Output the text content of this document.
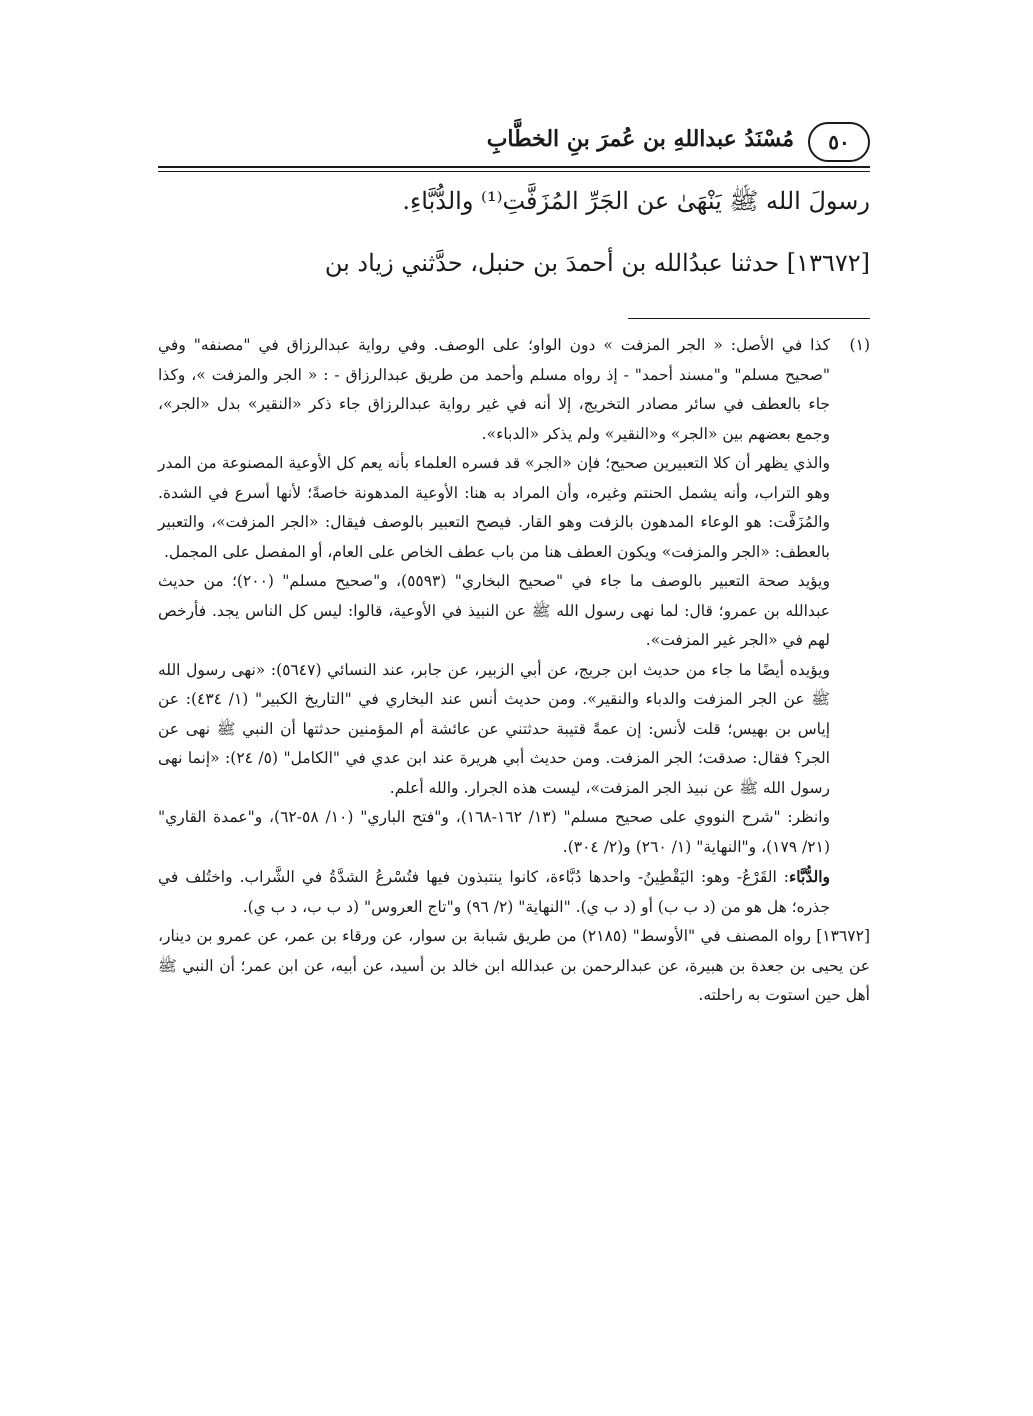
٥٠
مُسْنَدُ عبداللهِ بن عُمرَ بنِ الخطَّابِ

رسولَ الله ﷺ يَنْهَىٰ عن الجَرِّ المُزَفَّتِ⁽¹⁾ والدُّبَّاءِ.

[١٣٦٧٢] حدثنا عبدُالله بن أحمدَ بن حنبل، حدَّثني زياد بن

(١)

كذا في الأصل: « الجر المزفت » دون الواو؛ على الوصف. وفي رواية عبدالرزاق في "مصنفه" وفي "صحيح مسلم" و"مسند أحمد" - إذ رواه مسلم وأحمد من طريق عبدالرزاق - : « الجر والمزفت »، وكذا جاء بالعطف في سائر مصادر التخريج، إلا أنه في غير رواية عبدالرزاق جاء ذكر «النقير» بدل «الجر»، وجمع بعضهم بين «الجر» و«النقير» ولم يذكر «الدباء».

والذي يظهر أن كلا التعبيرين صحيح؛ فإن «الجر» قد فسره العلماء بأنه يعم كل الأوعية المصنوعة من المدر وهو التراب، وأنه يشمل الحنتم وغيره، وأن المراد به هنا: الأوعية المدهونة خاصةً؛ لأنها أسرع في الشدة. والمُزَفَّت: هو الوعاء المدهون بالزفت وهو القار. فيصح التعبير بالوصف فيقال: «الجر المزفت»، والتعبير بالعطف: «الجر والمزفت» ويكون العطف هنا من باب عطف الخاص على العام، أو المفصل على المجمل.

ويؤيد صحة التعبير بالوصف ما جاء في "صحيح البخاري" (٥٥٩٣)، و"صحيح مسلم" (٢٠٠)؛ من حديث عبدالله بن عمرو؛ قال: لما نهى رسول الله ﷺ عن النبيذ في الأوعية، قالوا: ليس كل الناس يجد. فأرخص لهم في «الجر غير المزفت».

ويؤيده أيضًا ما جاء من حديث ابن جريج، عن أبي الزبير، عن جابر، عند النسائي (٥٦٤٧): «نهى رسول الله ﷺ عن الجر المزفت والدباء والنقير». ومن حديث أنس عند البخاري في "التاريخ الكبير" (١/ ٤٣٤): عن إياس بن بهيس؛ قلت لأنس: إن عمةً قتيبة حدثتني عن عائشة أم المؤمنين حدثتها أن النبي ﷺ نهى عن الجر؟ فقال: صدقت؛ الجر المزفت. ومن حديث أبي هريرة عند ابن عدي في "الكامل" (٥/ ٢٤): «إنما نهى رسول الله ﷺ عن نبيذ الجر المزفت»، ليست هذه الجرار. والله أعلم.

وانظر: "شرح النووي على صحيح مسلم" (١٣/ ١٦٢-١٦٨)، و"فتح الباري" (١٠/ ٥٨-٦٢)، و"عمدة القاري" (٢١/ ١٧٩)، و"النهاية" (١/ ٢٦٠) و(٢/ ٣٠٤).

والدُّبَّاء: القَرْعُ- وهو: اليَقْطِينُ- واحدها دُبَّاءة، كانوا ينتبذون فيها فتُسْرعُ الشدَّةُ في الشَّراب. واختُلف في جذره؛ هل هو من (د ب ب) أو (د ب ي). "النهاية" (٢/ ٩٦) و"تاج العروس" (د ب ب، د ب ي).

[١٣٦٧٢] رواه المصنف في "الأوسط" (٢١٨٥) من طريق شبابة بن سوار، عن ورقاء بن عمر، عن عمرو بن دينار، عن يحيى بن جعدة بن هبيرة، عن عبدالرحمن بن عبدالله ابن خالد بن أسيد، عن أبيه، عن ابن عمر؛ أن النبي ﷺ أهل حين استوت به راحلته.
